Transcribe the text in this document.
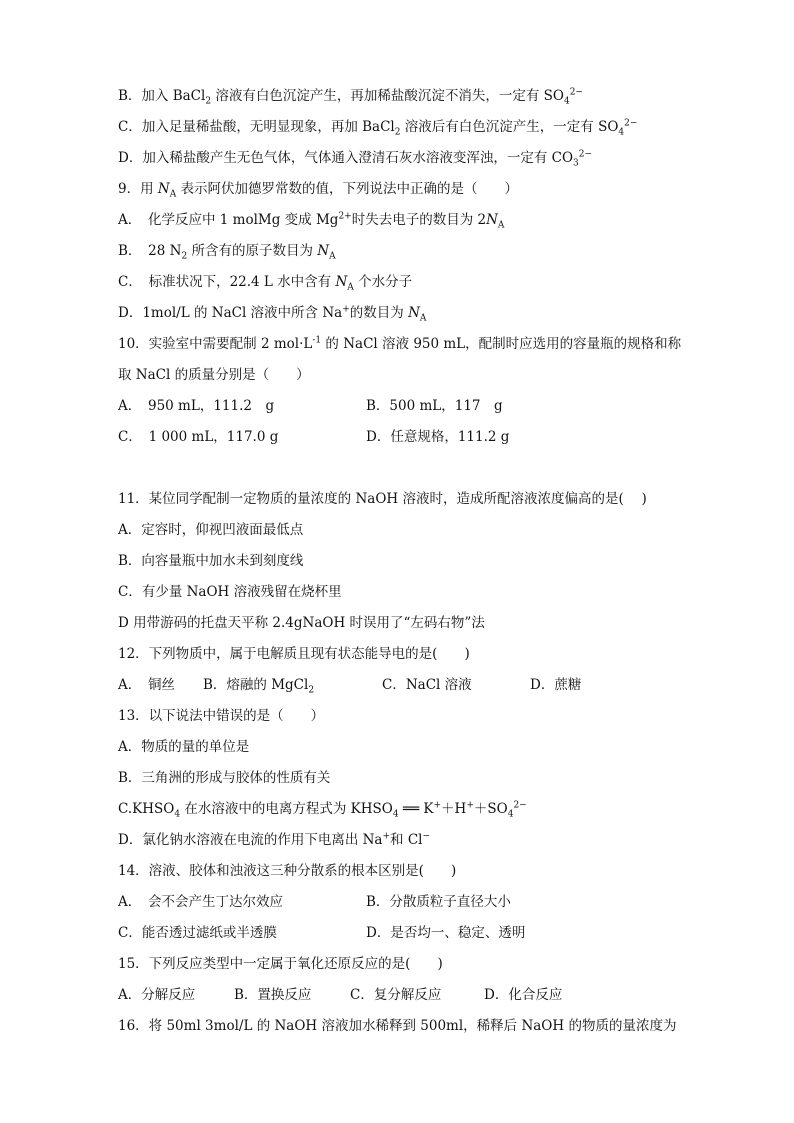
B．加入 BaCl$_2$ 溶液有白色沉淀产生，再加稀盐酸沉淀不消失，一定有 $SO_4^{2-}$
C．加入足量稀盐酸，无明显现象，再加 BaCl$_2$ 溶液后有白色沉淀产生，一定有 $SO_4^{2-}$
D．加入稀盐酸产生无色气体，气体通入澄清石灰水溶液变浑浊，一定有 $CO_3^{2-}$
9．用 $N_A$ 表示阿伏加德罗常数的值，下列说法中正确的是（　　）
A．　化学反应中 1 molMg 变成 $Mg^{2+}$时失去电子的数目为 $2N_A$
B．　28 $N_2$ 所含有的原子数目为 $N_A$
C．　标准状况下，22.4 L 水中含有 $N_A$ 个水分子
D．1mol/L 的 NaCl 溶液中所含 Na+的数目为 $N_A$
10．实验室中需要配制 2 $mol\cdot L^{-1}$ 的 NaCl 溶液 950 mL，配制时应选用的容量瓶的规格和称
取 NaCl 的质量分别是（　　）
11．某位同学配制一定物质的量浓度的 NaOH 溶液时，造成所配溶液浓度偏高的是(　 )
A．定容时，仰视凹液面最低点
B．向容量瓶中加水未到刻度线
C．有少量 NaOH 溶液残留在烧杯里
D 用带游码的托盘天平称 2.4gNaOH 时误用了“左码右物”法
12．下列物质中，属于电解质且现有状态能导电的是(　　)
13．以下说法中错误的是（　　）
A．物质的量的单位是
B．三角洲的形成与胶体的性质有关
$C.KHSO_4$ 在水溶液中的电离方程式为 $KHSO_4$ ══ $K^++H^++SO_4^{2-}$
D．氯化钠水溶液在电流的作用下电离出 Na+和 Cl−
14．溶液、胶体和浊液这三种分散系的根本区别是(　　)
15．下列反应类型中一定属于氧化还原反应的是(　　)
16．将 50ml 3mol/L 的 NaOH 溶液加水稀释到 500ml，稀释后 NaOH 的物质的量浓度为
A．　950 mL，111.2　g	B．500 mL，117　g
C．　1 000 mL，117.0 g	D．任意规格，111.2 g
A．　铜丝 B．熔融的 MgCl$_2$	C．NaCl 溶液	D．蔗糖
A．　会不会产生丁达尔效应	B．分散质粒子直径大小
C．能否透过滤纸或半透膜	D．是否均一、稳定、透明
A．分解反应	B．置换反应	C．复分解反应	D．化合反应
